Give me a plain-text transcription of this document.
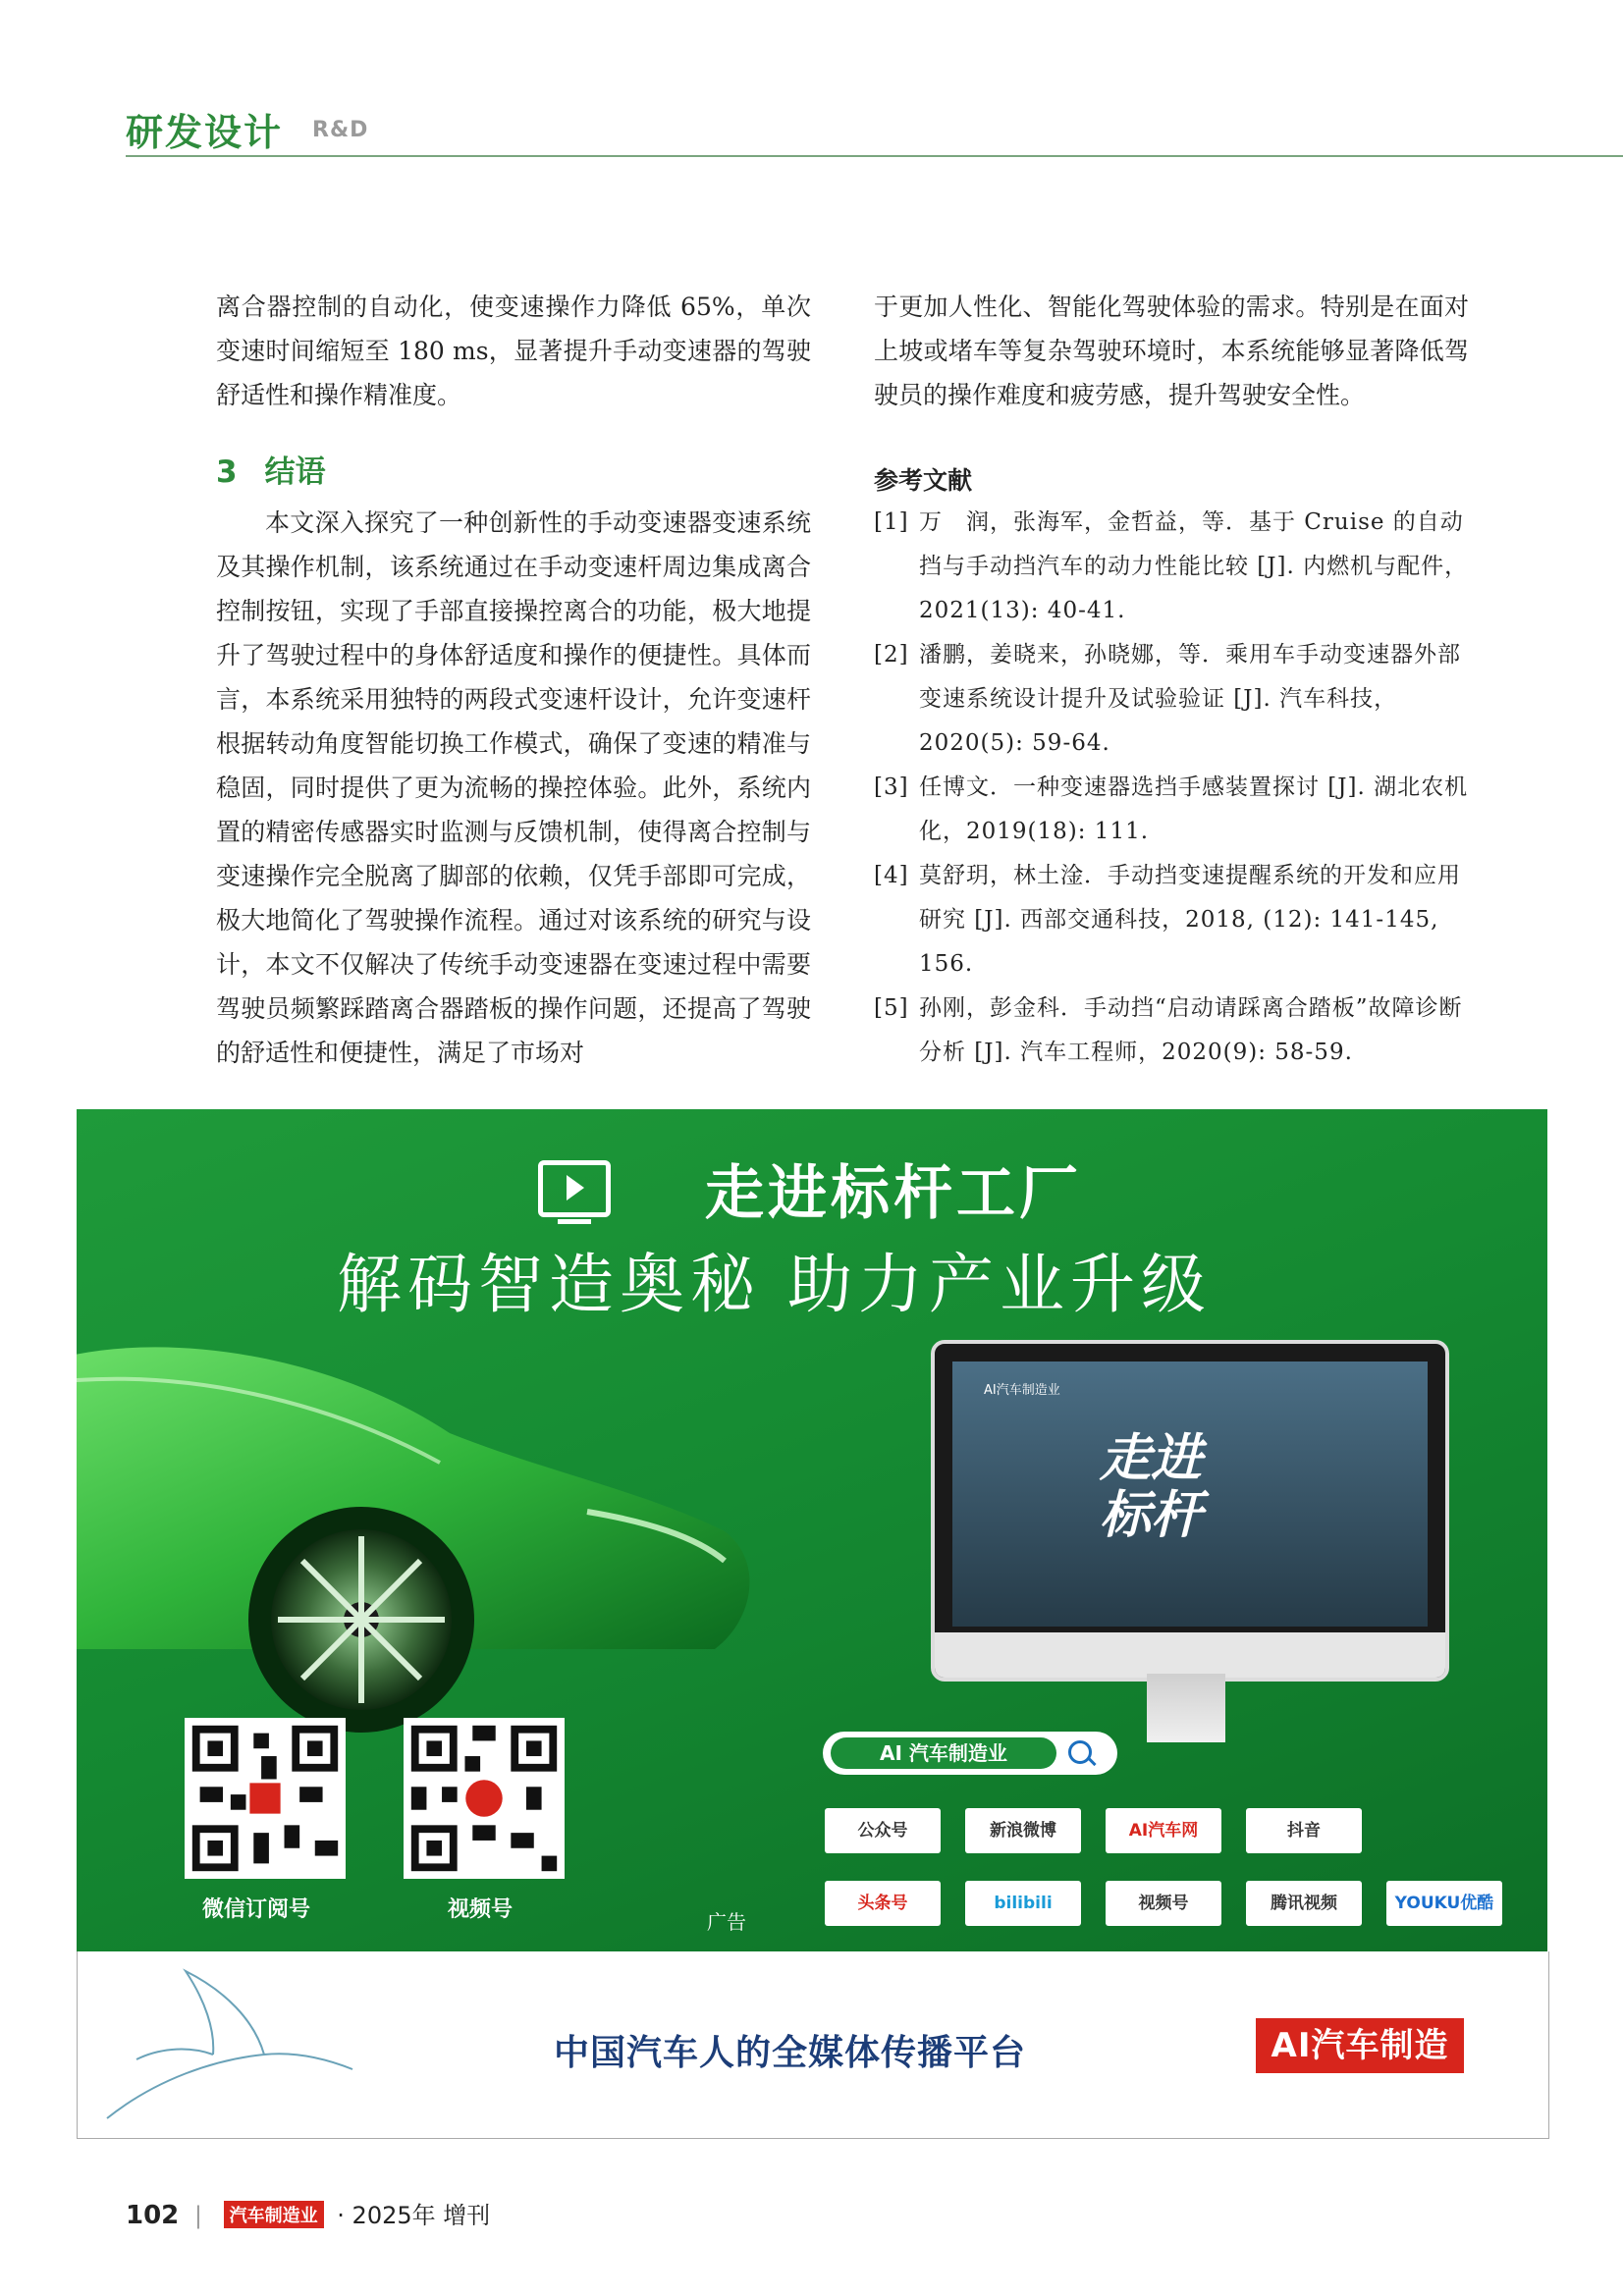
研发设计 R&D

离合器控制的自动化，使变速操作力降低 65%，单次变速时间缩短至 180 ms，显著提升手动变速器的驾驶舒适性和操作精准度。

3 结语

本文深入探究了一种创新性的手动变速器变速系统及其操作机制，该系统通过在手动变速杆周边集成离合控制按钮，实现了手部直接操控离合的功能，极大地提升了驾驶过程中的身体舒适度和操作的便捷性。具体而言，本系统采用独特的两段式变速杆设计，允许变速杆根据转动角度智能切换工作模式，确保了变速的精准与稳固，同时提供了更为流畅的操控体验。此外，系统内置的精密传感器实时监测与反馈机制，使得离合控制与变速操作完全脱离了脚部的依赖，仅凭手部即可完成，极大地简化了驾驶操作流程。通过对该系统的研究与设计，本文不仅解决了传统手动变速器在变速过程中需要驾驶员频繁踩踏离合器踏板的操作问题，还提高了驾驶的舒适性和便捷性，满足了市场对

于更加人性化、智能化驾驶体验的需求。特别是在面对上坡或堵车等复杂驾驶环境时，本系统能够显著降低驾驶员的操作难度和疲劳感，提升驾驶安全性。

参考文献

[1] 万　润，张海军，金哲益，等．基于 Cruise 的自动挡与手动挡汽车的动力性能比较 [J]. 内燃机与配件，2021(13): 40-41.

[2] 潘鹏，姜晓来，孙晓娜，等．乘用车手动变速器外部变速系统设计提升及试验验证 [J]. 汽车科技，2020(5): 59-64.

[3] 任博文．一种变速器选挡手感装置探讨 [J]. 湖北农机化，2019(18): 111.

[4] 莫舒玥，林土淦．手动挡变速提醒系统的开发和应用研究 [J]. 西部交通科技，2018, (12): 141-145, 156.

[5] 孙刚，彭金科．手动挡“启动请踩离合踏板”故障诊断分析 [J]. 汽车工程师，2020(9): 58-59.

走进标杆工厂
解码智造奥秘 助力产业升级
AI汽车制造业
走进
标杆
AI 汽车制造业
微信订阅号	视频号	广告
公众号	新浪微博	AI汽车网	抖音
头条号	bilibili	视频号	腾讯视频	YOUKU优酷
中国汽车人的全媒体传播平台	AI汽车制造业
102 | 汽车制造业 · 2025年 增刊
